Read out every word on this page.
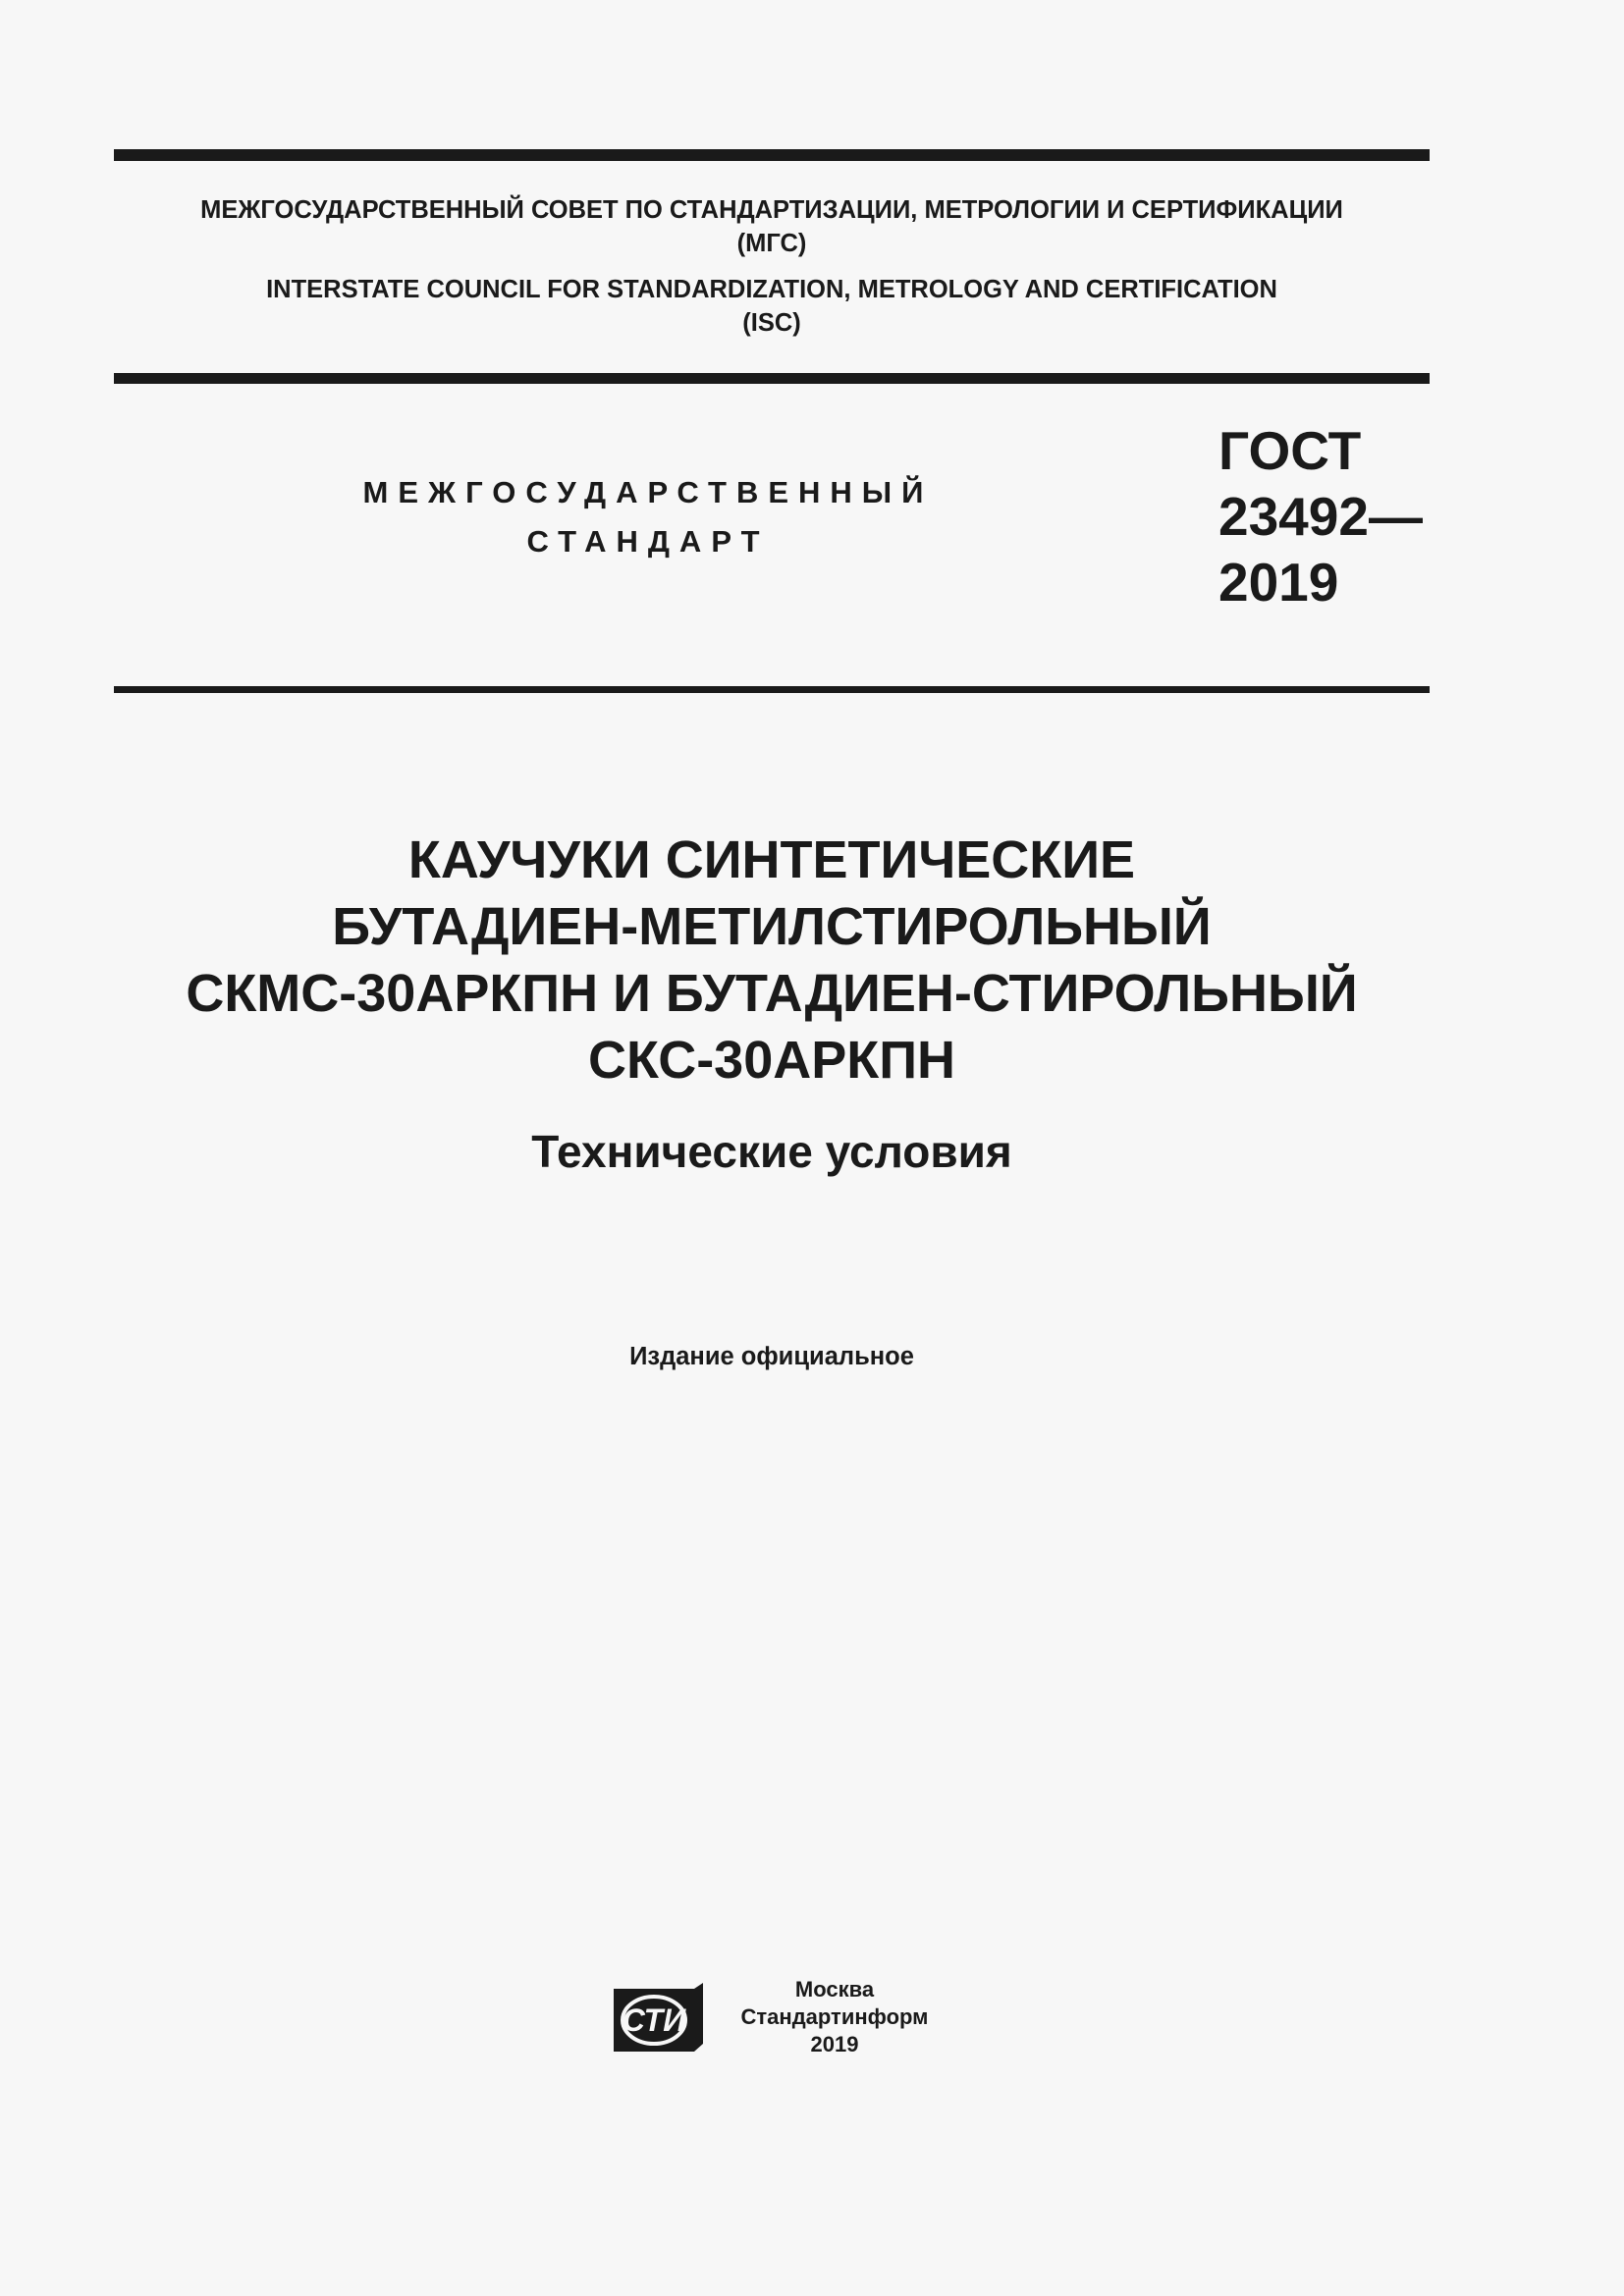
МЕЖГОСУДАРСТВЕННЫЙ СОВЕТ ПО СТАНДАРТИЗАЦИИ, МЕТРОЛОГИИ И СЕРТИФИКАЦИИ
(МГС)
INTERSTATE COUNCIL FOR STANDARDIZATION, METROLOGY AND CERTIFICATION
(ISC)
МЕЖГОСУДАРСТВЕННЫЙ
СТАНДАРТ
ГОСТ
23492—
2019
КАУЧУКИ СИНТЕТИЧЕСКИЕ
БУТАДИЕН-МЕТИЛСТИРОЛЬНЫЙ
СКМС-30АРКПН И БУТАДИЕН-СТИРОЛЬНЫЙ
СКС-30АРКПН
Технические условия
Издание официальное
СТИ
Москва
Стандартинформ
2019
